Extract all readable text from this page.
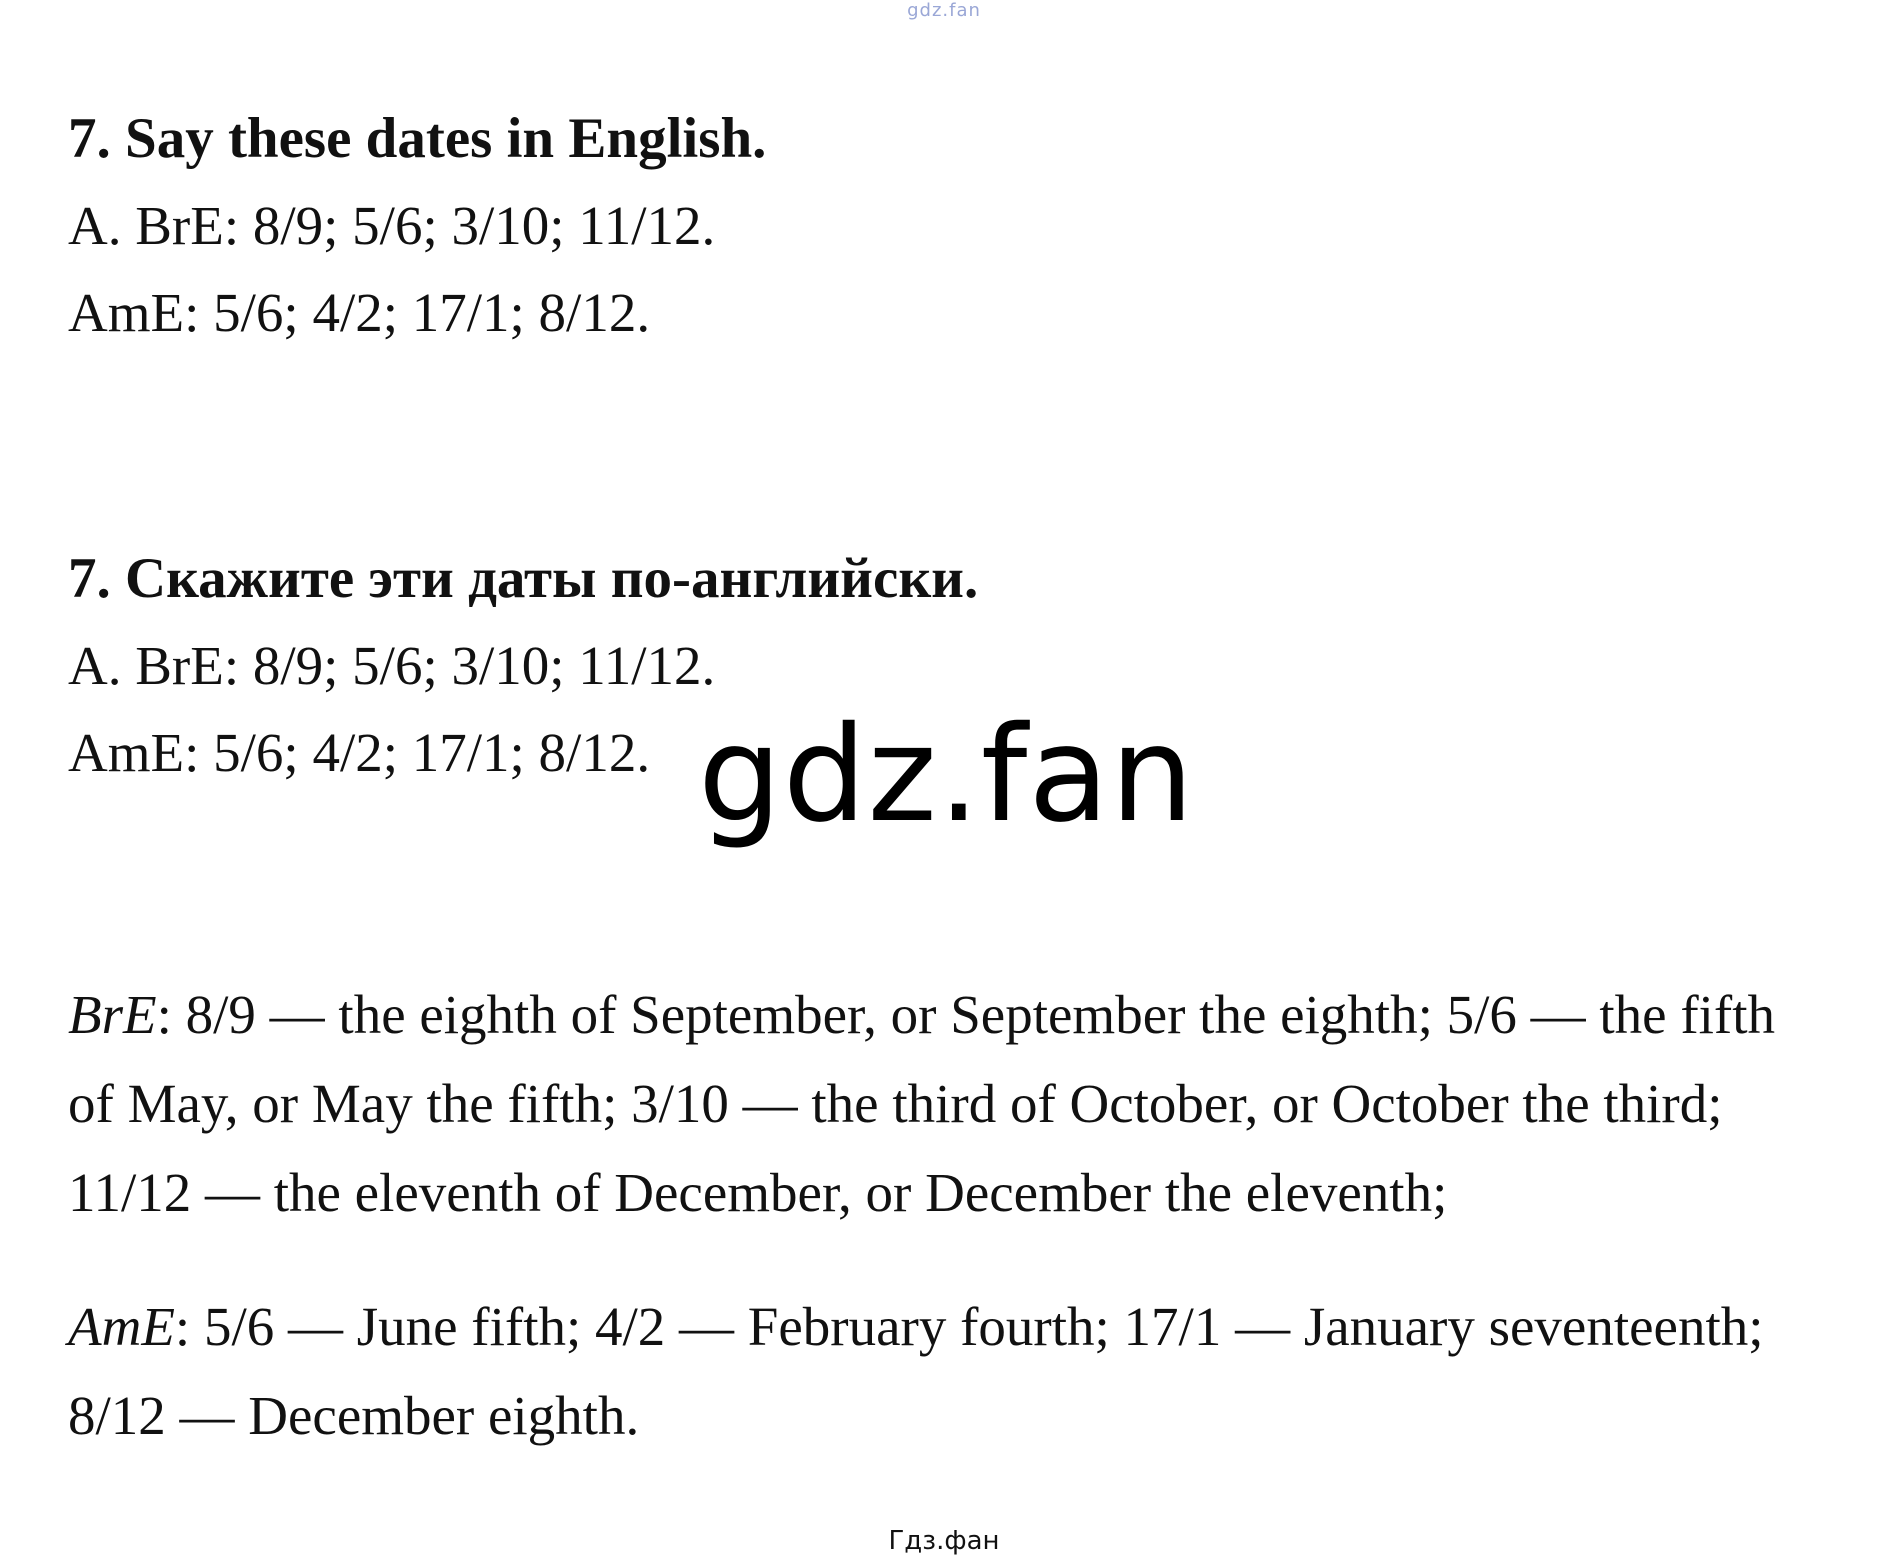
gdz.fan

7. Say these dates in English.

A. BrE: 8/9; 5/6; 3/10; 11/12.

AmE: 5/6; 4/2; 17/1; 8/12.

7. Скажите эти даты по-английски.

A. BrE: 8/9; 5/6; 3/10; 11/12.

AmE: 5/6; 4/2; 17/1; 8/12. gdz.fan

BrE: 8/9 — the eighth of September, or September the eighth; 5/6 — the fifth of May, or May the fifth; 3/10 — the third of October, or October the third; 11/12 — the eleventh of December, or December the eleventh;

AmE: 5/6 — June fifth; 4/2 — February fourth; 17/1 — January seventeenth; 8/12 — December eighth.

Гдз.фан
